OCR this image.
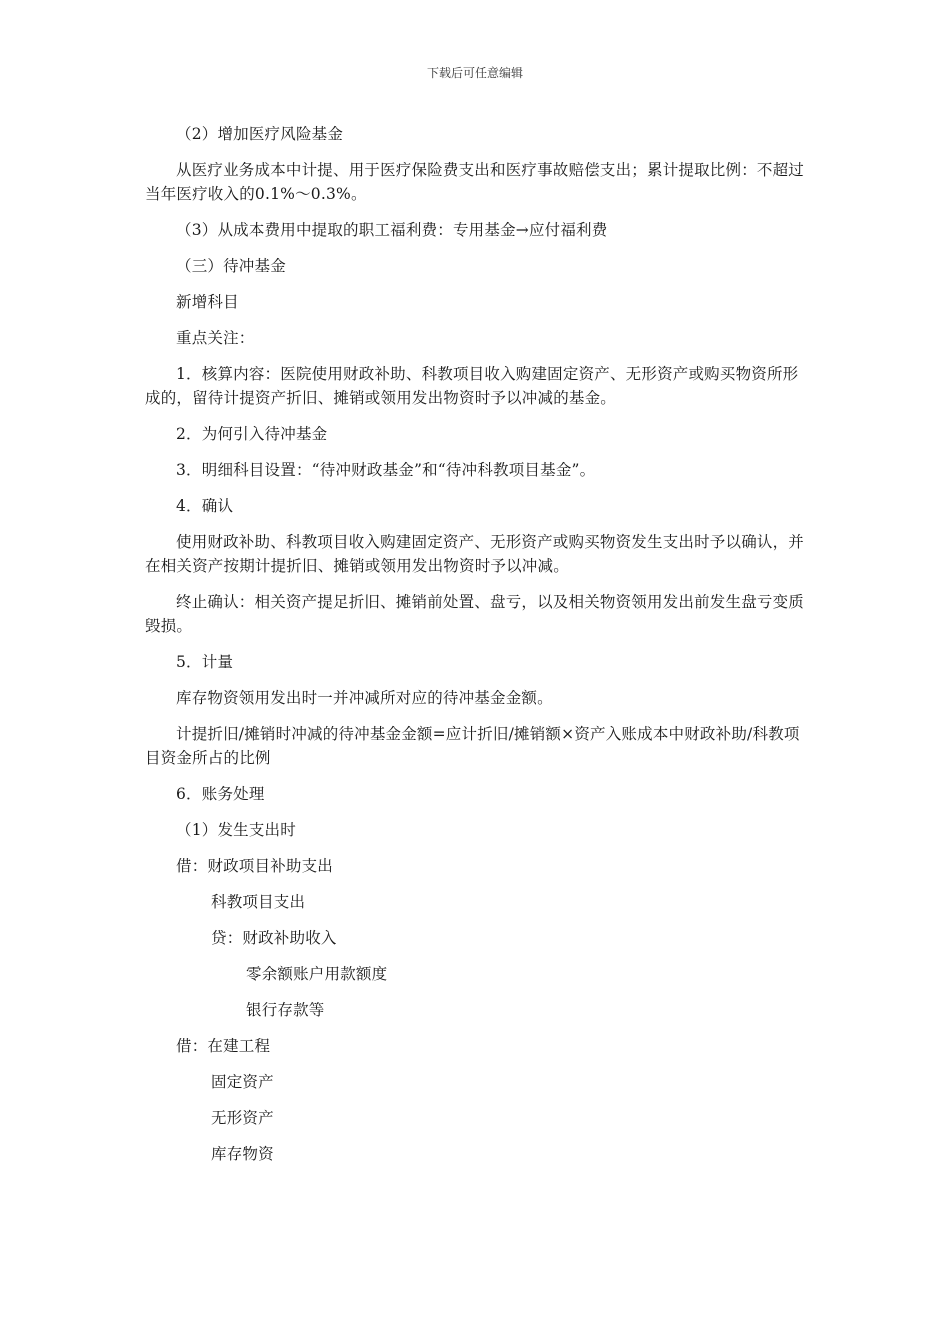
下载后可任意编辑

（2）增加医疗风险基金

从医疗业务成本中计提、用于医疗保险费支出和医疗事故赔偿支出；累计提取比例：不超过当年医疗收入的0.1%～0.3%。

（3）从成本费用中提取的职工福利费：专用基金→应付福利费

（三）待冲基金

新增科目

重点关注：

1．核算内容：医院使用财政补助、科教项目收入购建固定资产、无形资产或购买物资所形成的，留待计提资产折旧、摊销或领用发出物资时予以冲减的基金。

2．为何引入待冲基金

3．明细科目设置：“待冲财政基金”和“待冲科教项目基金”。

4．确认

使用财政补助、科教项目收入购建固定资产、无形资产或购买物资发生支出时予以确认，并在相关资产按期计提折旧、摊销或领用发出物资时予以冲减。

终止确认：相关资产提足折旧、摊销前处置、盘亏，以及相关物资领用发出前发生盘亏变质毁损。

5．计量

库存物资领用发出时一并冲减所对应的待冲基金金额。

计提折旧/摊销时冲减的待冲基金金额=应计折旧/摊销额×资产入账成本中财政补助/科教项目资金所占的比例

6．账务处理

（1）发生支出时

借：财政项目补助支出

科教项目支出

贷：财政补助收入

零余额账户用款额度

银行存款等

借：在建工程

固定资产

无形资产

库存物资
